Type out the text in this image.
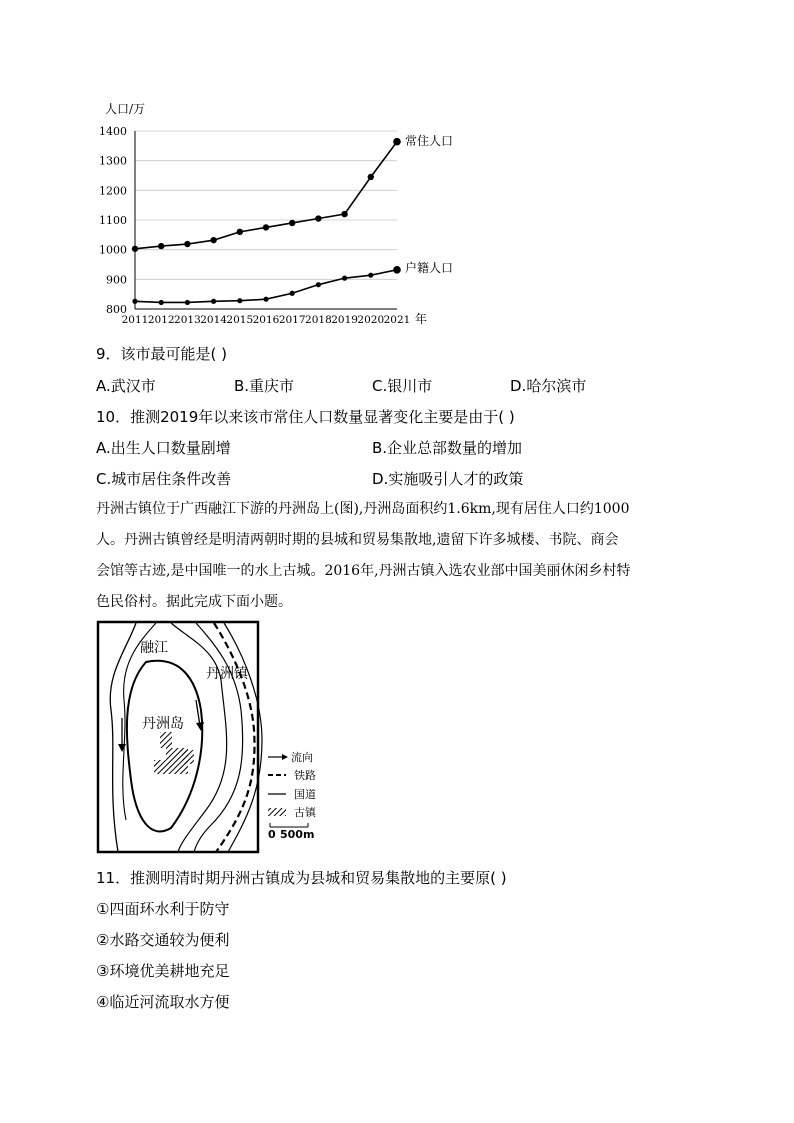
800
900
1000
1100
1200
1300
1400
2011 2012 2013 2014 2015 2016 2017 2018 2019 2020 2021
人口/万
年
常住人口
户籍人口
9．该市最可能是( )
A.武汉市	B.重庆市	C.银川市	D.哈尔滨市
10．推测2019年以来该市常住人口数量显著变化主要是由于( )
A.出生人口数量剧增	B.企业总部数量的增加
C.城市居住条件改善	D.实施吸引人才的政策
丹洲古镇位于广西融江下游的丹洲岛上(图),丹洲岛面积约1.6km,现有居住人口约1000
人。丹洲古镇曾经是明清两朝时期的县城和贸易集散地,遗留下许多城楼、书院、商会
会馆等古迹,是中国唯一的水上古城。2016年,丹洲古镇入选农业部中国美丽休闲乡村特
色民俗村。据此完成下面小题。
融江
丹洲镇
丹洲岛
流向
铁路
国道
古镇
0 500m
11．推测明清时期丹洲古镇成为县城和贸易集散地的主要原( )
①四面环水利于防守
②水路交通较为便利
③环境优美耕地充足
④临近河流取水方便
